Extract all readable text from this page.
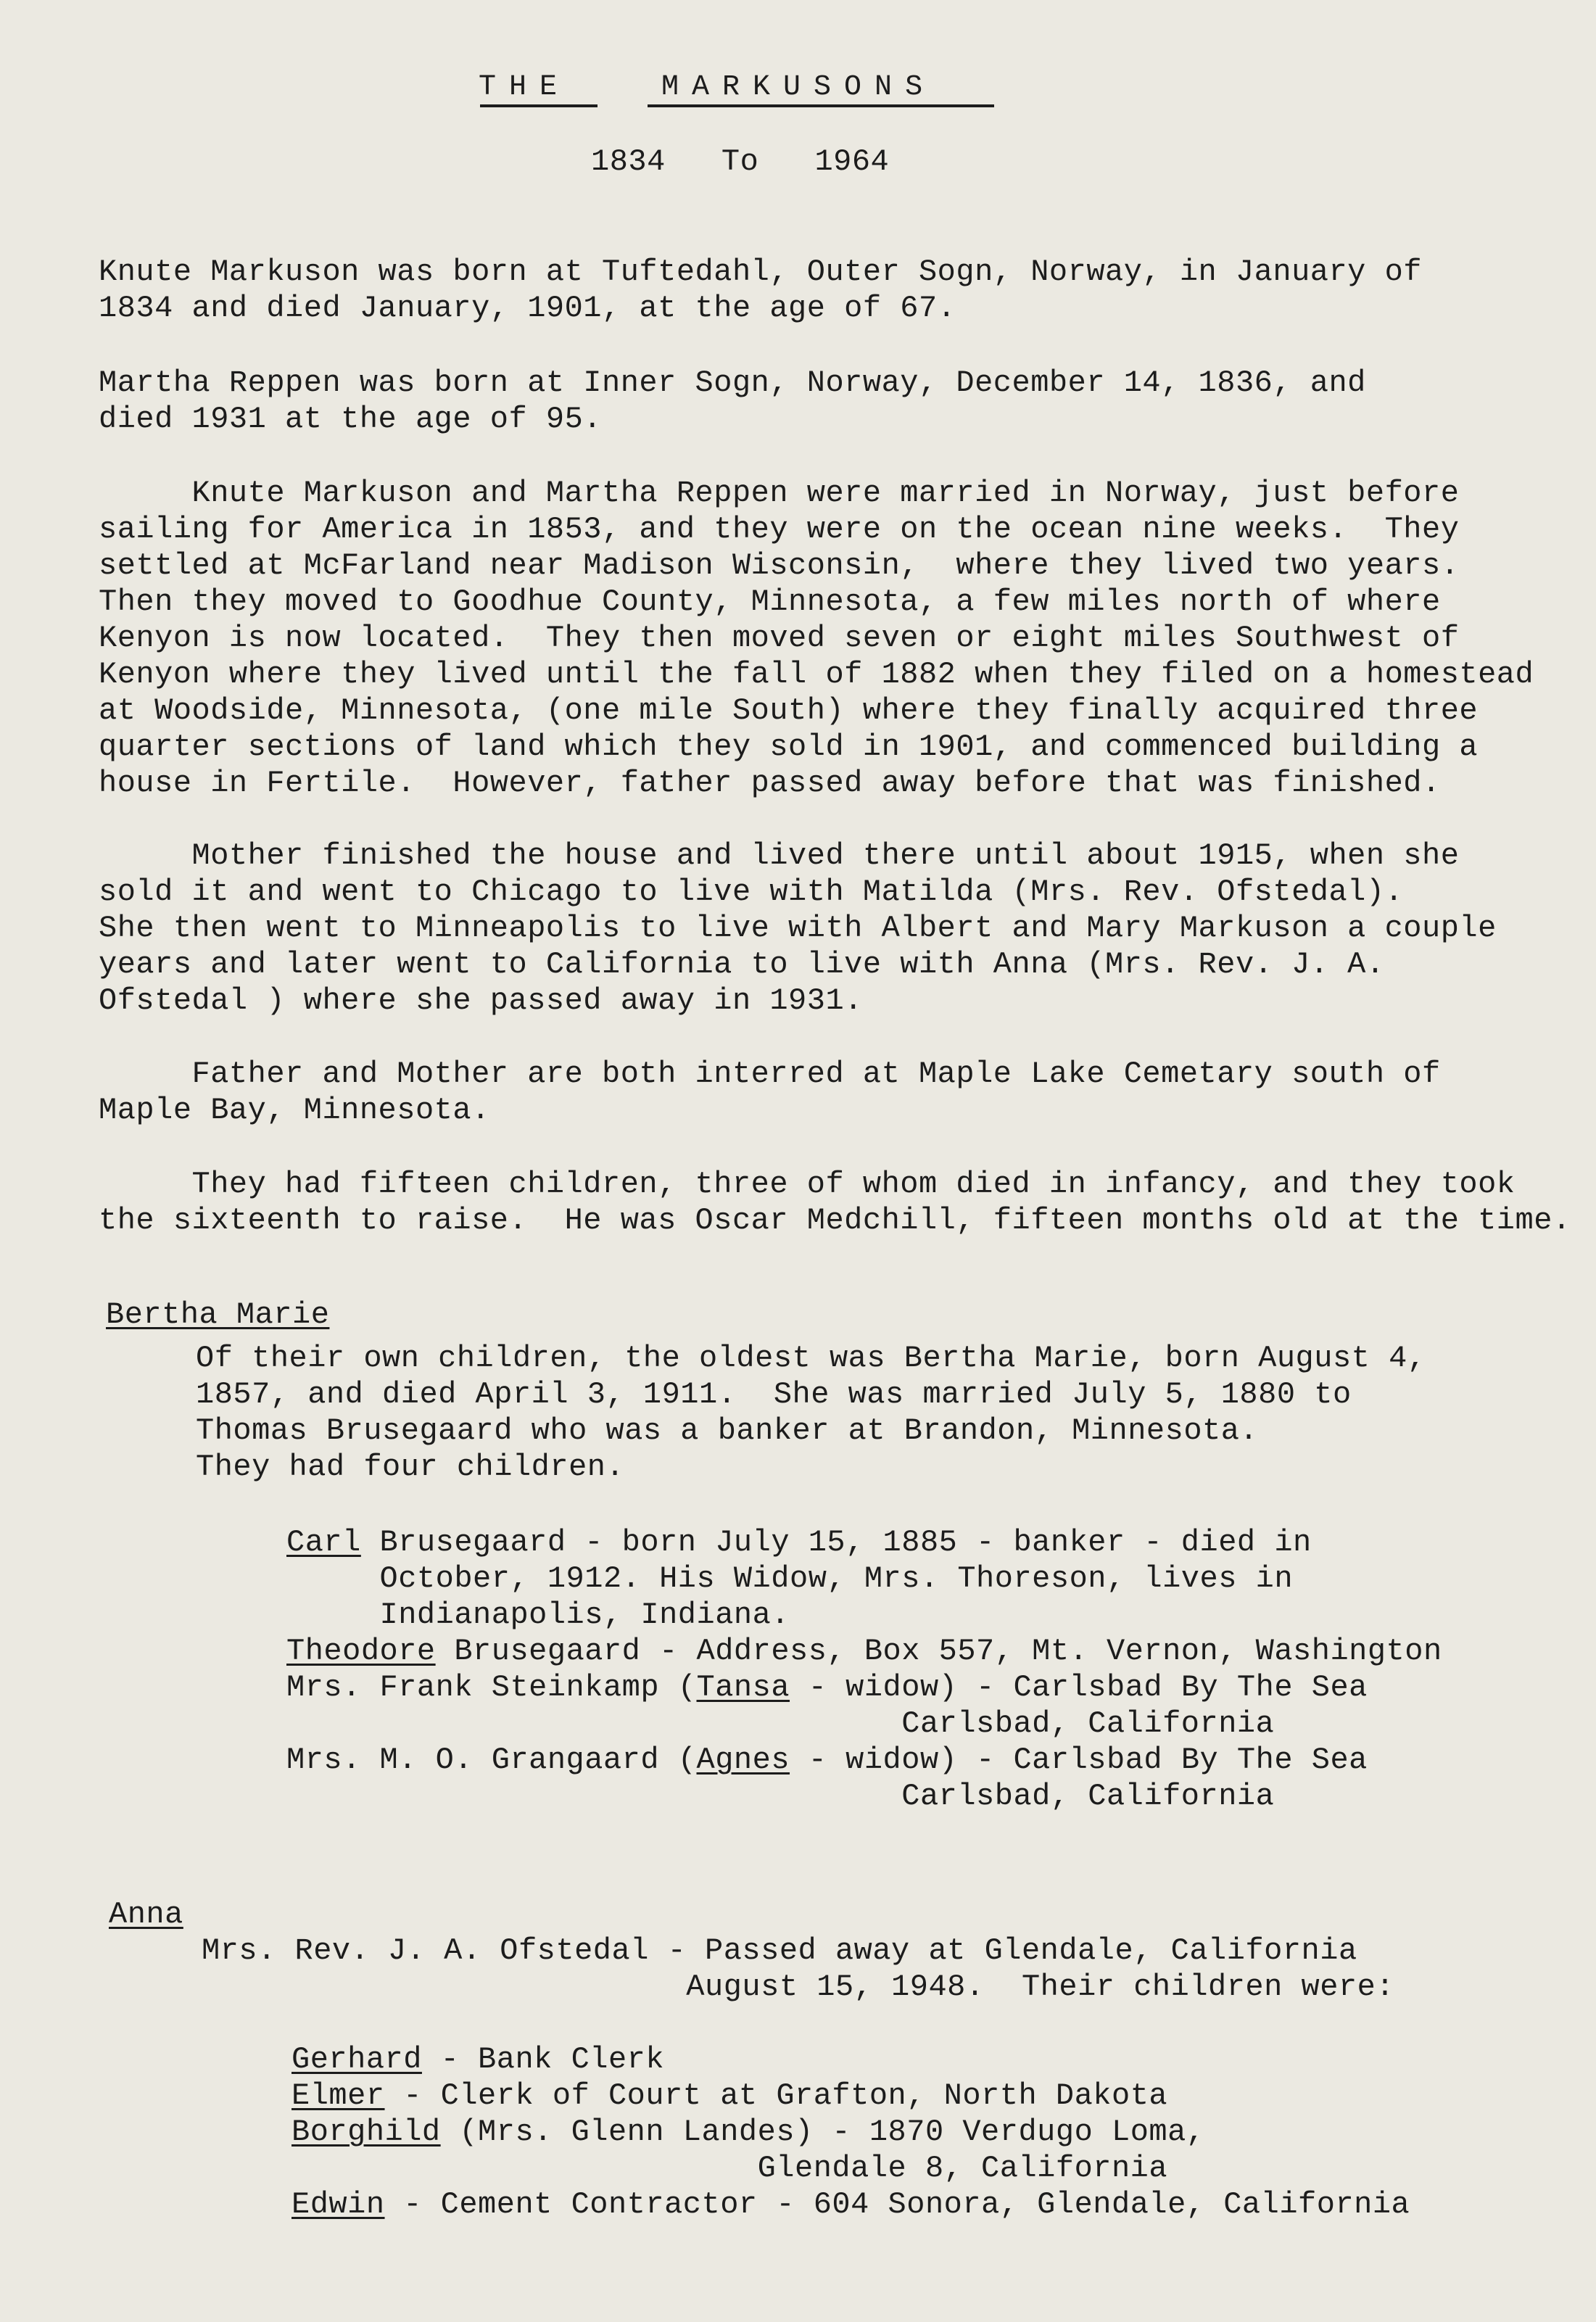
THE	MARKUSONS
1834   To   1964
Knute Markuson was born at Tuftedahl, Outer Sogn, Norway, in January of
1834 and died January, 1901, at the age of 67.
Martha Reppen was born at Inner Sogn, Norway, December 14, 1836, and
died 1931 at the age of 95.
Knute Markuson and Martha Reppen were married in Norway, just before
sailing for America in 1853, and they were on the ocean nine weeks.  They
settled at McFarland near Madison Wisconsin,  where they lived two years.
Then they moved to Goodhue County, Minnesota, a few miles north of where
Kenyon is now located.  They then moved seven or eight miles Southwest of
Kenyon where they lived until the fall of 1882 when they filed on a homestead
at Woodside, Minnesota, (one mile South) where they finally acquired three
quarter sections of land which they sold in 1901, and commenced building a
house in Fertile.  However, father passed away before that was finished.
Mother finished the house and lived there until about 1915, when she
sold it and went to Chicago to live with Matilda (Mrs. Rev. Ofstedal).
She then went to Minneapolis to live with Albert and Mary Markuson a couple
years and later went to California to live with Anna (Mrs. Rev. J. A.
Ofstedal ) where she passed away in 1931.
Father and Mother are both interred at Maple Lake Cemetary south of
Maple Bay, Minnesota.
They had fifteen children, three of whom died in infancy, and they took
the sixteenth to raise.  He was Oscar Medchill, fifteen months old at the time.
Bertha Marie
Of their own children, the oldest was Bertha Marie, born August 4,
1857, and died April 3, 1911.  She was married July 5, 1880 to
Thomas Brusegaard who was a banker at Brandon, Minnesota.
They had four children.
Carl Brusegaard - born July 15, 1885 - banker - died in
October, 1912. His Widow, Mrs. Thoreson, lives in
Indianapolis, Indiana.
Theodore Brusegaard - Address, Box 557, Mt. Vernon, Washington
Mrs. Frank Steinkamp (Tansa - widow) - Carlsbad By The Sea
Carlsbad, California
Mrs. M. O. Grangaard (Agnes - widow) - Carlsbad By The Sea
Carlsbad, California
Anna
Mrs. Rev. J. A. Ofstedal - Passed away at Glendale, California
August 15, 1948.  Their children were:
Gerhard - Bank Clerk
Elmer - Clerk of Court at Grafton, North Dakota
Borghild (Mrs. Glenn Landes) - 1870 Verdugo Loma,
Glendale 8, California
Edwin - Cement Contractor - 604 Sonora, Glendale, California
